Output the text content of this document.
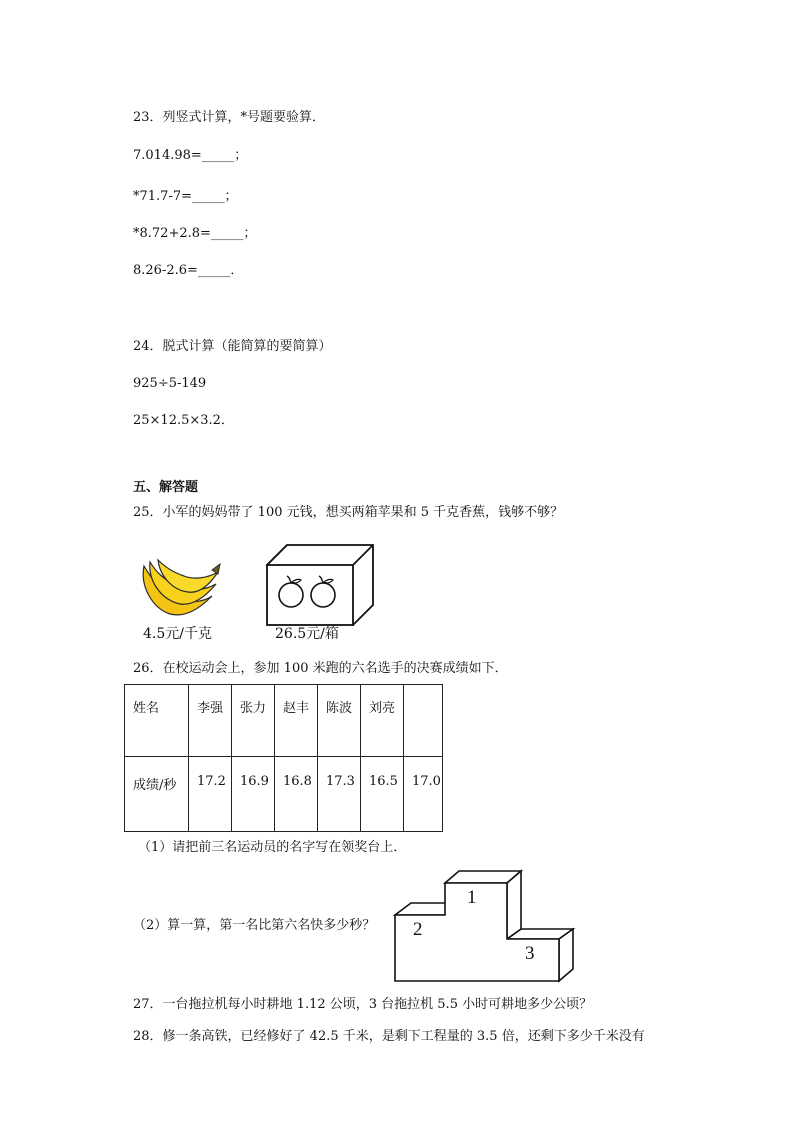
23．列竖式计算，*号题要验算．
7.014.98=_____；
*71.7-7=_____；
*8.72+2.8=_____；
8.26-2.6=_____．
24．脱式计算（能简算的要简算）
925÷5-149
25×12.5×3.2．
五、解答题
25．小军的妈妈带了 100 元钱，想买两箱苹果和 5 千克香蕉，钱够不够？
4.5元/千克	26.5元/箱
26．在校运动会上，参加 100 米跑的六名选手的决赛成绩如下．
姓名	李强	张力	赵丰	陈波	刘亮	

成绩/秒	17.2	16.9	16.8	17.3	16.5	17.0
（1）请把前三名运动员的名字写在领奖台上．
（2）算一算，第一名比第六名快多少秒？
1
2
3
27．一台拖拉机每小时耕地 1.12 公顷，3 台拖拉机 5.5 小时可耕地多少公顷？
28．修一条高铁，已经修好了 42.5 千米，是剩下工程量的 3.5 倍，还剩下多少千米没有
